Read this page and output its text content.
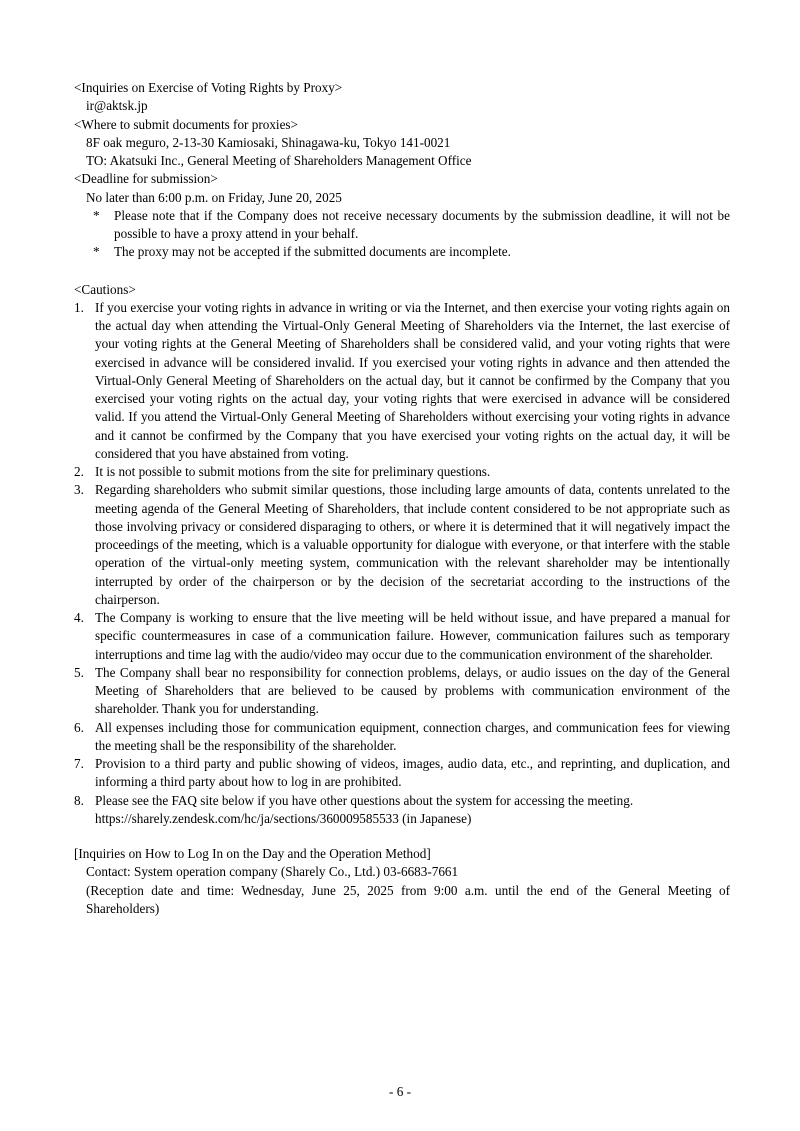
<Inquiries on Exercise of Voting Rights by Proxy>
ir@aktsk.jp
<Where to submit documents for proxies>
8F oak meguro, 2-13-30 Kamiosaki, Shinagawa-ku, Tokyo 141-0021
TO: Akatsuki Inc., General Meeting of Shareholders Management Office
<Deadline for submission>
No later than 6:00 p.m. on Friday, June 20, 2025
*	Please note that if the Company does not receive necessary documents by the submission deadline, it will not be possible to have a proxy attend in your behalf.
*	The proxy may not be accepted if the submitted documents are incomplete.
<Cautions>
1. If you exercise your voting rights in advance in writing or via the Internet, and then exercise your voting rights again on the actual day when attending the Virtual-Only General Meeting of Shareholders via the Internet, the last exercise of your voting rights at the General Meeting of Shareholders shall be considered valid, and your voting rights that were exercised in advance will be considered invalid. If you exercised your voting rights in advance and then attended the Virtual-Only General Meeting of Shareholders on the actual day, but it cannot be confirmed by the Company that you exercised your voting rights on the actual day, your voting rights that were exercised in advance will be considered valid. If you attend the Virtual-Only General Meeting of Shareholders without exercising your voting rights in advance and it cannot be confirmed by the Company that you have exercised your voting rights on the actual day, it will be considered that you have abstained from voting.
2. It is not possible to submit motions from the site for preliminary questions.
3. Regarding shareholders who submit similar questions, those including large amounts of data, contents unrelated to the meeting agenda of the General Meeting of Shareholders, that include content considered to be not appropriate such as those involving privacy or considered disparaging to others, or where it is determined that it will negatively impact the proceedings of the meeting, which is a valuable opportunity for dialogue with everyone, or that interfere with the stable operation of the virtual-only meeting system, communication with the relevant shareholder may be intentionally interrupted by order of the chairperson or by the decision of the secretariat according to the instructions of the chairperson.
4. The Company is working to ensure that the live meeting will be held without issue, and have prepared a manual for specific countermeasures in case of a communication failure. However, communication failures such as temporary interruptions and time lag with the audio/video may occur due to the communication environment of the shareholder.
5. The Company shall bear no responsibility for connection problems, delays, or audio issues on the day of the General Meeting of Shareholders that are believed to be caused by problems with communication environment of the shareholder. Thank you for understanding.
6. All expenses including those for communication equipment, connection charges, and communication fees for viewing the meeting shall be the responsibility of the shareholder.
7. Provision to a third party and public showing of videos, images, audio data, etc., and reprinting, and duplication, and informing a third party about how to log in are prohibited.
8. Please see the FAQ site below if you have other questions about the system for accessing the meeting.
https://sharely.zendesk.com/hc/ja/sections/360009585533 (in Japanese)
[Inquiries on How to Log In on the Day and the Operation Method]
Contact: System operation company (Sharely Co., Ltd.) 03-6683-7661
(Reception date and time: Wednesday, June 25, 2025 from 9:00 a.m. until the end of the General Meeting of Shareholders)
- 6 -
